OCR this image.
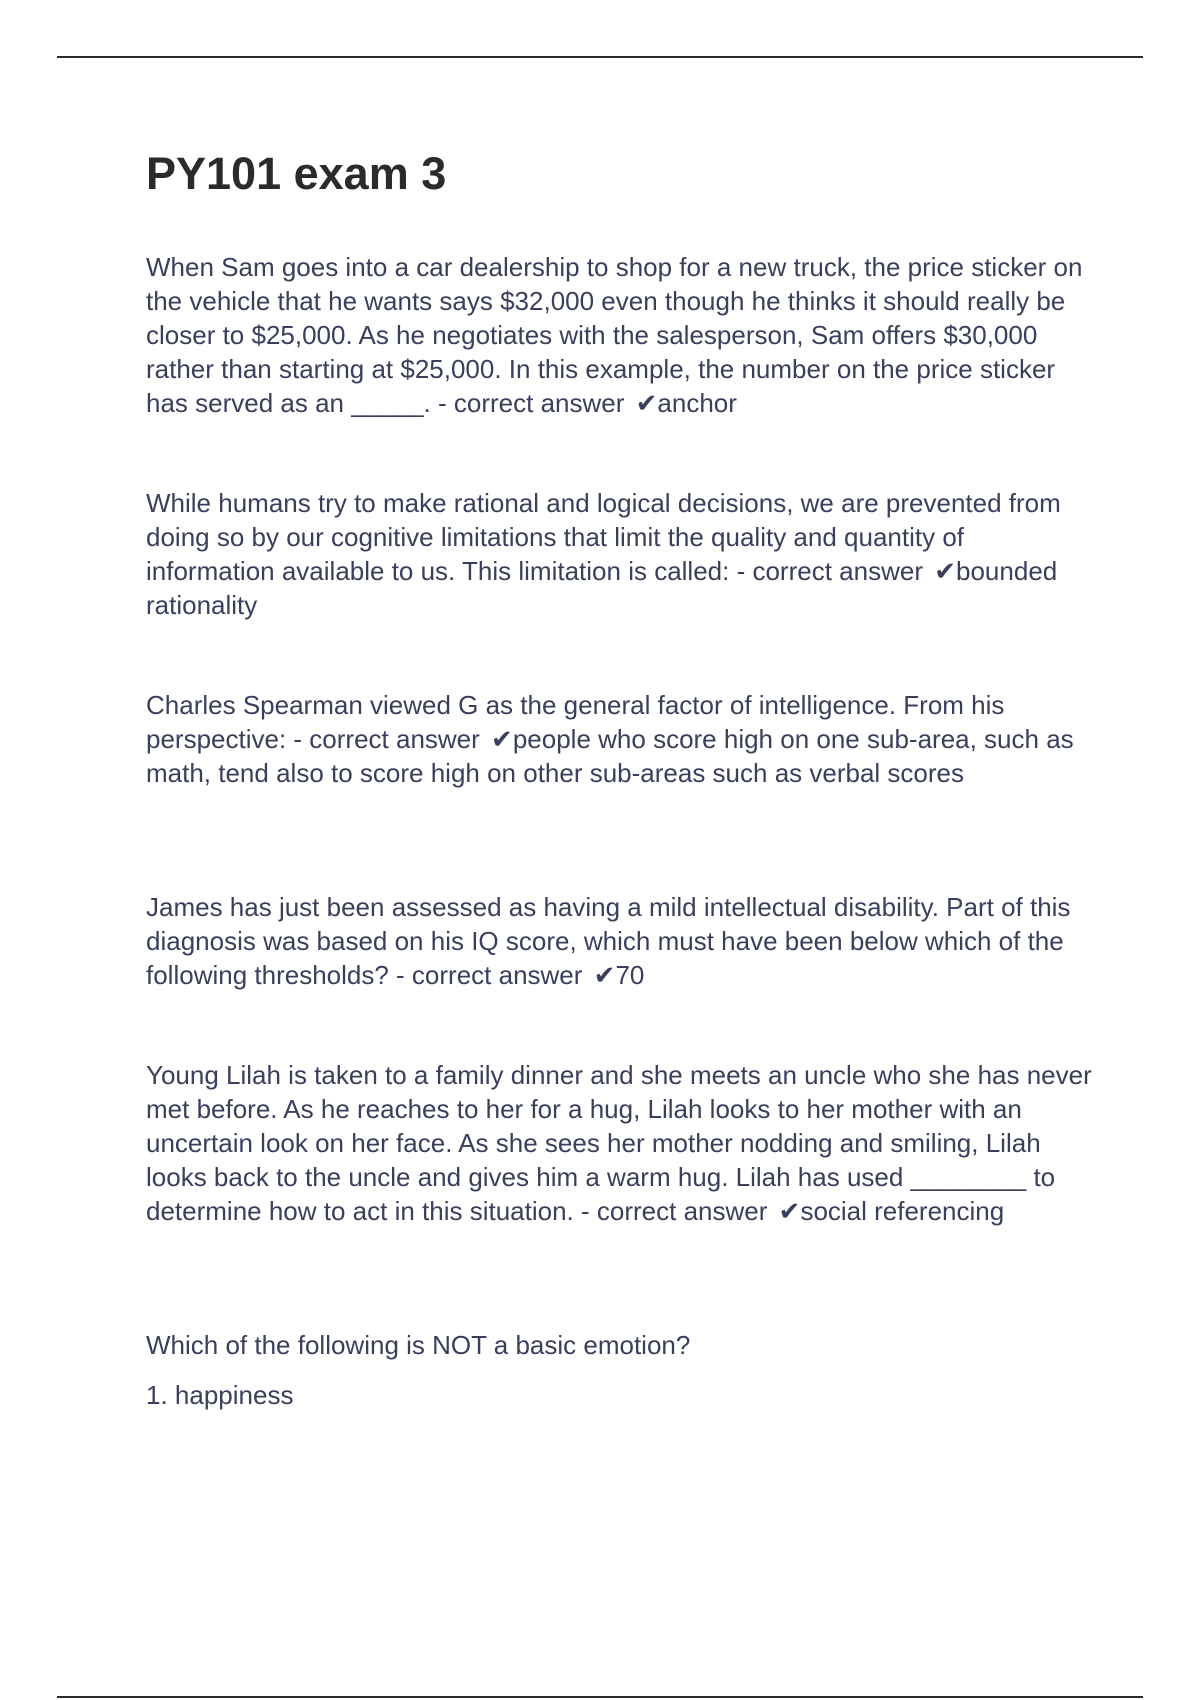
PY101 exam 3

When Sam goes into a car dealership to shop for a new truck, the price sticker on the vehicle that he wants says $32,000 even though he thinks it should really be closer to $25,000. As he negotiates with the salesperson, Sam offers $30,000 rather than starting at $25,000. In this example, the number on the price sticker has served as an _____. - correct answer ✔anchor

While humans try to make rational and logical decisions, we are prevented from doing so by our cognitive limitations that limit the quality and quantity of information available to us. This limitation is called: - correct answer ✔bounded rationality

Charles Spearman viewed G as the general factor of intelligence. From his perspective: - correct answer ✔people who score high on one sub-area, such as math, tend also to score high on other sub-areas such as verbal scores

James has just been assessed as having a mild intellectual disability. Part of this diagnosis was based on his IQ score, which must have been below which of the following thresholds? - correct answer ✔70

Young Lilah is taken to a family dinner and she meets an uncle who she has never met before. As he reaches to her for a hug, Lilah looks to her mother with an uncertain look on her face. As she sees her mother nodding and smiling, Lilah looks back to the uncle and gives him a warm hug. Lilah has used ________ to determine how to act in this situation. - correct answer ✔social referencing

Which of the following is NOT a basic emotion?

1. happiness
